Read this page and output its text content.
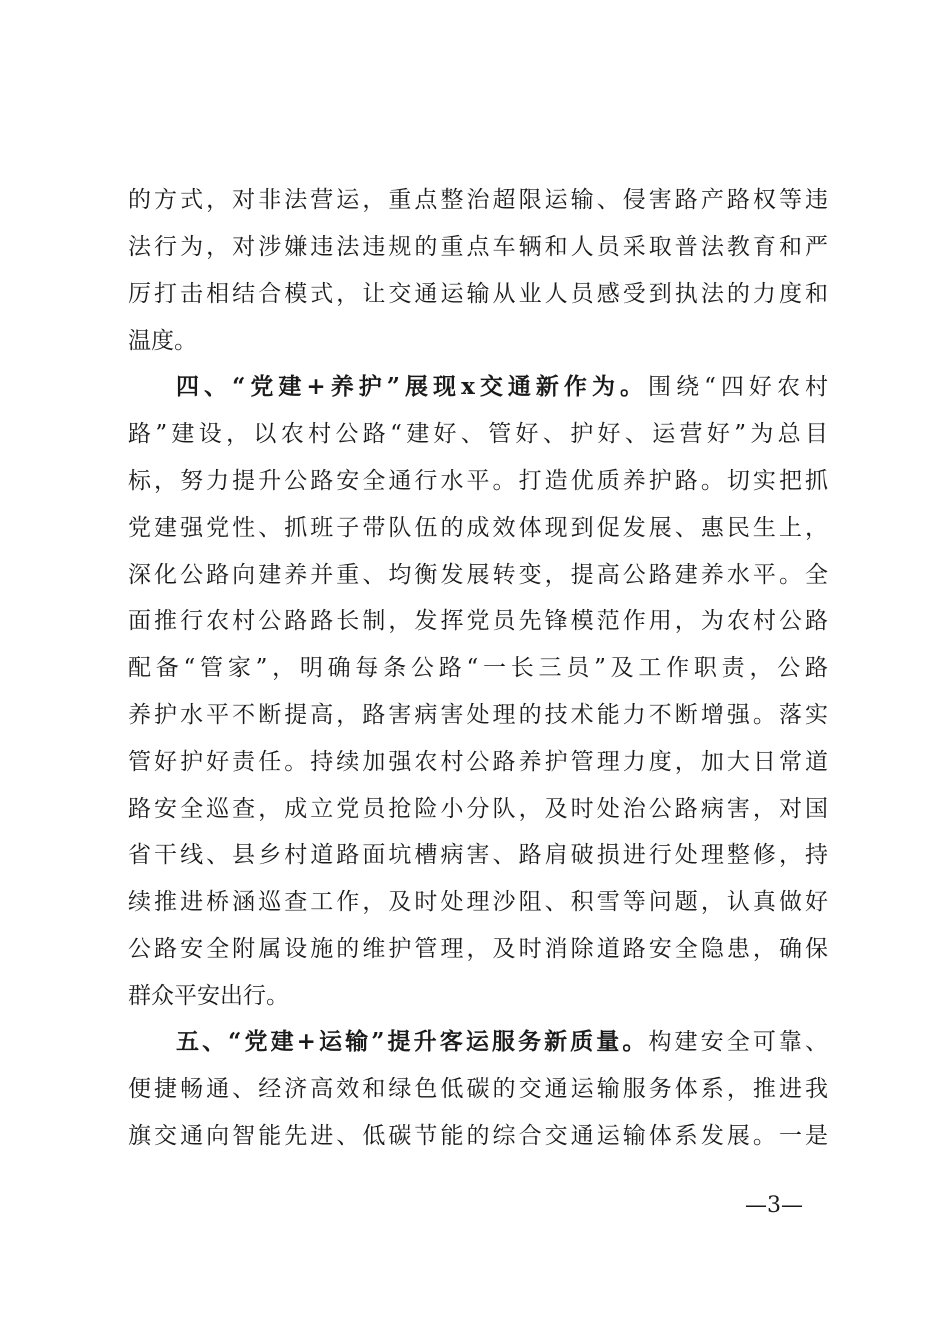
的方式，对非法营运，重点整治超限运输、侵害路产路权等违
法行为，对涉嫌违法违规的重点车辆和人员采取普法教育和严
厉打击相结合模式，让交通运输从业人员感受到执法的力度和
温度。
四、“党建+养护”展现x交通新作为。围绕“四好农村
路”建设，以农村公路“建好、管好、护好、运营好”为总目
标，努力提升公路安全通行水平。打造优质养护路。切实把抓
党建强党性、抓班子带队伍的成效体现到促发展、惠民生上，
深化公路向建养并重、均衡发展转变，提高公路建养水平。全
面推行农村公路路长制，发挥党员先锋模范作用，为农村公路
配备“管家”，明确每条公路“一长三员”及工作职责，公路
养护水平不断提高，路害病害处理的技术能力不断增强。落实
管好护好责任。持续加强农村公路养护管理力度，加大日常道
路安全巡查，成立党员抢险小分队，及时处治公路病害，对国
省干线、县乡村道路面坑槽病害、路肩破损进行处理整修，持
续推进桥涵巡查工作，及时处理沙阻、积雪等问题，认真做好
公路安全附属设施的维护管理，及时消除道路安全隐患，确保
群众平安出行。
五、“党建+运输”提升客运服务新质量。构建安全可靠、
便捷畅通、经济高效和绿色低碳的交通运输服务体系，推进我
旗交通向智能先进、低碳节能的综合交通运输体系发展。一是
—3—
